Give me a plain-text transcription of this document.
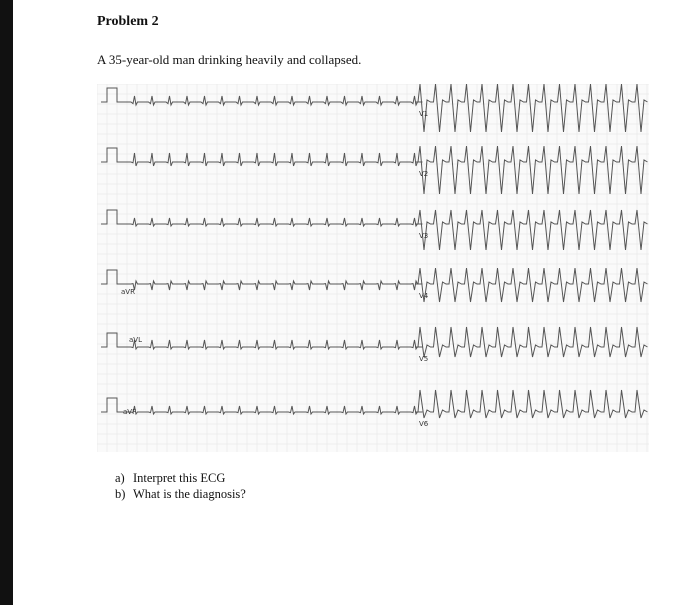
Problem 2
A 35-year-old man drinking heavily and collapsed.
aVR
aVL
aVF
V1
V2
V3
V4
V5
V6
a) Interpret this ECG
b) What is the diagnosis?
